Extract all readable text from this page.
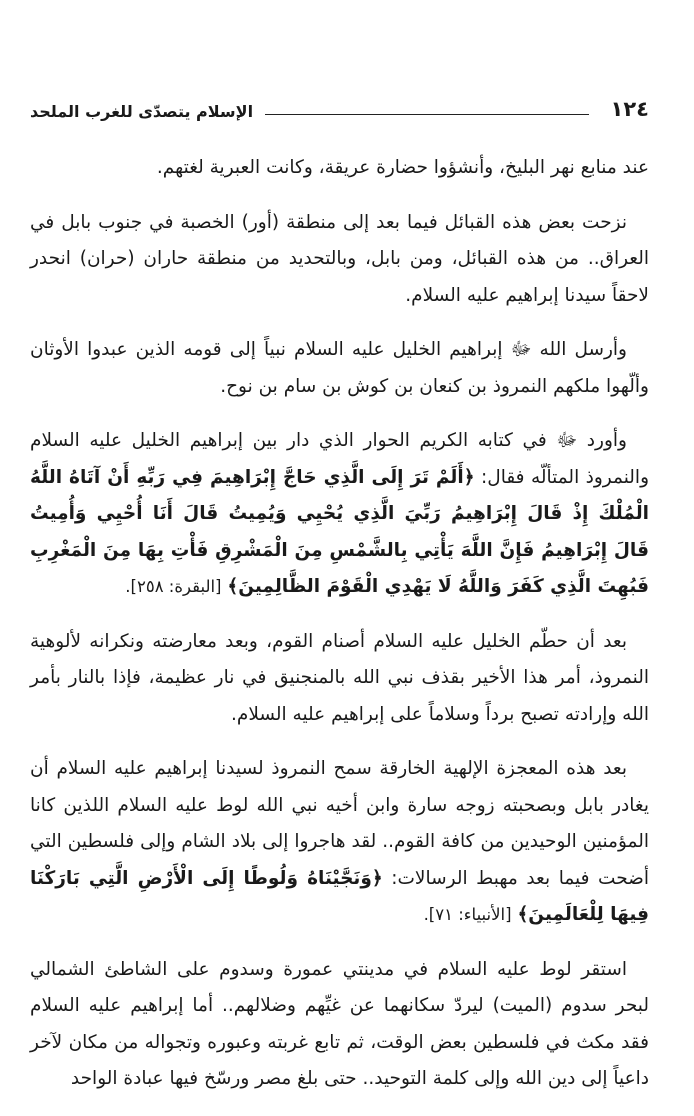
١٢٤
الإسلام يتصدّى للغرب الملحد

عند منابع نهر البليخ، وأنشؤوا حضارة عريقة، وكانت العبرية لغتهم.

نزحت بعض هذه القبائل فيما بعد إلى منطقة (أور) الخصبة في جنوب بابل في العراق.. من هذه القبائل، ومن بابل، وبالتحديد من منطقة حاران (حران) انحدر لاحقاً سيدنا إبراهيم عليه السلام.

وأرسل الله ﷻ إبراهيم الخليل عليه السلام نبياً إلى قومه الذين عبدوا الأوثان وألّهوا ملكهم النمروذ بن كنعان بن كوش بن سام بن نوح.

وأورد ﷻ في كتابه الكريم الحوار الذي دار بين إبراهيم الخليل عليه السلام والنمروذ المتألّه فقال: ﴿أَلَمْ تَرَ إِلَى الَّذِي حَاجَّ إِبْرَاهِيمَ فِي رَبِّهِ أَنْ آتَاهُ اللَّهُ الْمُلْكَ إِذْ قَالَ إِبْرَاهِيمُ رَبِّيَ الَّذِي يُحْيِي وَيُمِيتُ قَالَ أَنَا أُحْيِي وَأُمِيتُ قَالَ إِبْرَاهِيمُ فَإِنَّ اللَّهَ يَأْتِي بِالشَّمْسِ مِنَ الْمَشْرِقِ فَأْتِ بِهَا مِنَ الْمَغْرِبِ فَبُهِتَ الَّذِي كَفَرَ وَاللَّهُ لَا يَهْدِي الْقَوْمَ الظَّالِمِينَ﴾ [البقرة: ٢٥٨].

بعد أن حطّم الخليل عليه السلام أصنام القوم، وبعد معارضته ونكرانه لألوهية النمروذ، أمر هذا الأخير بقذف نبي الله بالمنجنيق في نار عظيمة، فإذا بالنار بأمر الله وإرادته تصبح برداً وسلاماً على إبراهيم عليه السلام.

بعد هذه المعجزة الإلهية الخارقة سمح النمروذ لسيدنا إبراهيم عليه السلام أن يغادر بابل وبصحبته زوجه سارة وابن أخيه نبي الله لوط عليه السلام اللذين كانا المؤمنين الوحيدين من كافة القوم.. لقد هاجروا إلى بلاد الشام وإلى فلسطين التي أضحت فيما بعد مهبط الرسالات: ﴿وَنَجَّيْنَاهُ وَلُوطًا إِلَى الْأَرْضِ الَّتِي بَارَكْنَا فِيهَا لِلْعَالَمِينَ﴾ [الأنبياء: ٧١].

استقر لوط عليه السلام في مدينتي عمورة وسدوم على الشاطئ الشمالي لبحر سدوم (الميت) ليردّ سكانهما عن غيِّهم وضلالهم.. أما إبراهيم عليه السلام فقد مكث في فلسطين بعض الوقت، ثم تابع غربته وعبوره وتجواله من مكان لآخر داعياً إلى دين الله وإلى كلمة التوحيد.. حتى بلغ مصر ورسّخ فيها عبادة الواحد
